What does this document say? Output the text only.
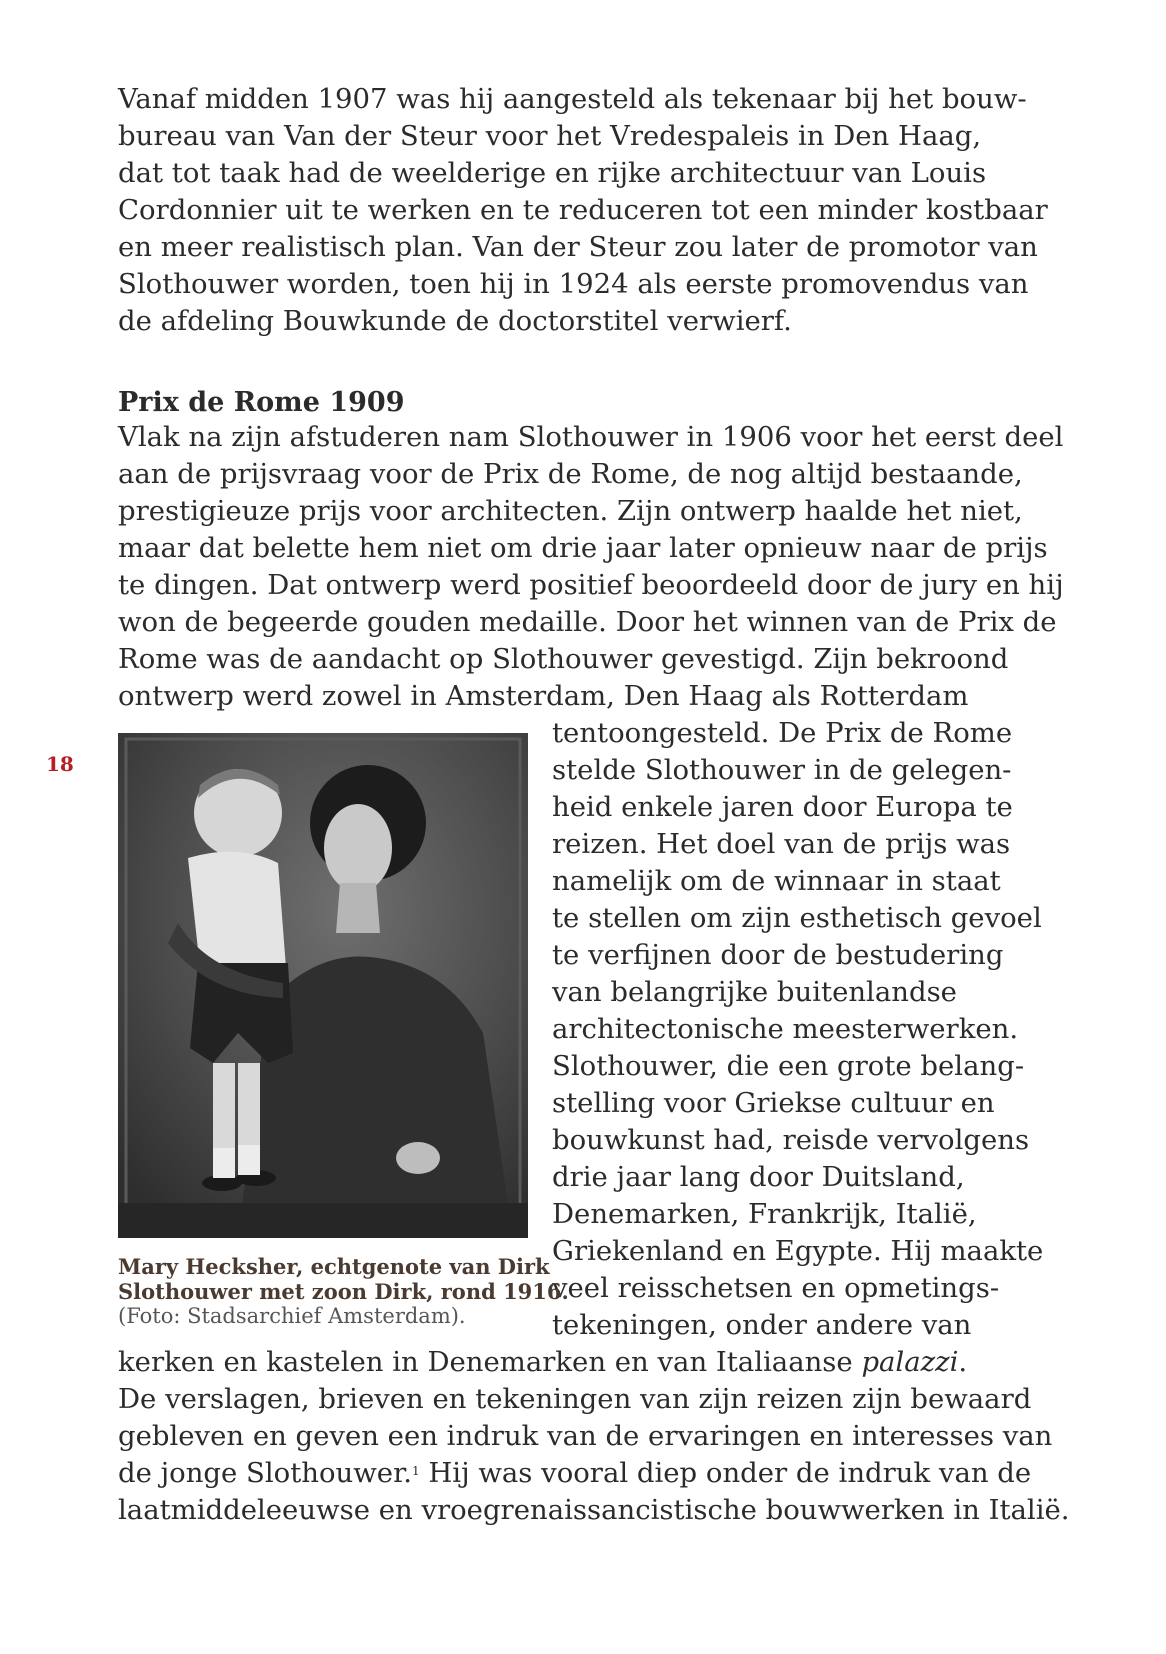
18
Vanaf midden 1907 was hij aangesteld als tekenaar bij het bouw-
bureau van Van der Steur voor het Vredespaleis in Den Haag,
dat tot taak had de weelderige en rijke architectuur van Louis
Cordonnier uit te werken en te reduceren tot een minder kostbaar
en meer realistisch plan. Van der Steur zou later de promotor van
Slothouwer worden, toen hij in 1924 als eerste promovendus van
de afdeling Bouwkunde de doctorstitel verwierf.
Prix de Rome 1909
Vlak na zijn afstuderen nam Slothouwer in 1906 voor het eerst deel
aan de prijsvraag voor de Prix de Rome, de nog altijd bestaande,
prestigieuze prijs voor architecten. Zijn ontwerp haalde het niet,
maar dat belette hem niet om drie jaar later opnieuw naar de prijs
te dingen. Dat ontwerp werd positief beoordeeld door de jury en hij
won de begeerde gouden medaille. Door het winnen van de Prix de
Rome was de aandacht op Slothouwer gevestigd. Zijn bekroond
ontwerp werd zowel in Amsterdam, Den Haag als Rotterdam
tentoongesteld. De Prix de Rome
stelde Slothouwer in de gelegen-
heid enkele jaren door Europa te
reizen. Het doel van de prijs was
namelijk om de winnaar in staat
te stellen om zijn esthetisch gevoel
te verfijnen door de bestudering
van belangrijke buitenlandse
architectonische meesterwerken.
Slothouwer, die een grote belang-
stelling voor Griekse cultuur en
bouwkunst had, reisde vervolgens
drie jaar lang door Duitsland,
Denemarken, Frankrijk, Italië,
Griekenland en Egypte. Hij maakte
veel reisschetsen en opmetings-
tekeningen, onder andere van
kerken en kastelen in Denemarken en van Italiaanse palazzi.
De verslagen, brieven en tekeningen van zijn reizen zijn bewaard
gebleven en geven een indruk van de ervaringen en interesses van
de jonge Slothouwer.$^1$ Hij was vooral diep onder de indruk van de
laatmiddeleeuwse en vroegrenaissancistische bouwwerken in Italië.
Mary Hecksher, echtgenote van Dirk
Slothouwer met zoon Dirk, rond 1916.
(Foto: Stadsarchief Amsterdam).
